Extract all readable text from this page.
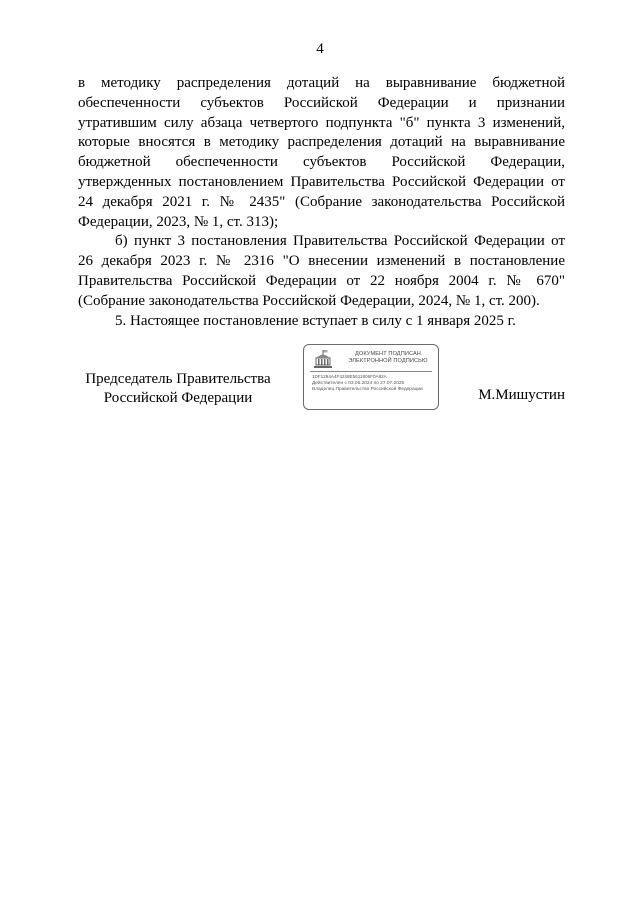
4

в методику распределения дотаций на выравнивание бюджетной обеспеченности субъектов Российской Федерации и признании утратившим силу абзаца четвертого подпункта "б" пункта 3 изменений, которые вносятся в методику распределения дотаций на выравнивание бюджетной обеспеченности субъектов Российской Федерации, утвержденных постановлением Правительства Российской Федерации от 24 декабря 2021 г. № 2435" (Собрание законодательства Российской Федерации, 2023, № 1, ст. 313);

б) пункт 3 постановления Правительства Российской Федерации от 26 декабря 2023 г. № 2316 "О внесении изменений в постановление Правительства Российской Федерации от 22 ноября 2004 г. № 670" (Собрание законодательства Российской Федерации, 2024, № 1, ст. 200).

5. Настоящее постановление вступает в силу с 1 января 2025 г.

Председатель Правительства
Российской Федерации
ДОКУМЕНТ ПОДПИСАН
ЭЛЕКТРОННОЙ ПОДПИСЬЮ
1DF1294A4F4248E5611806F0A82A
Действителен с 03.05.2024 по 27.07.2025
Владелец Правительство Российской Федерации	М.Мишустин
